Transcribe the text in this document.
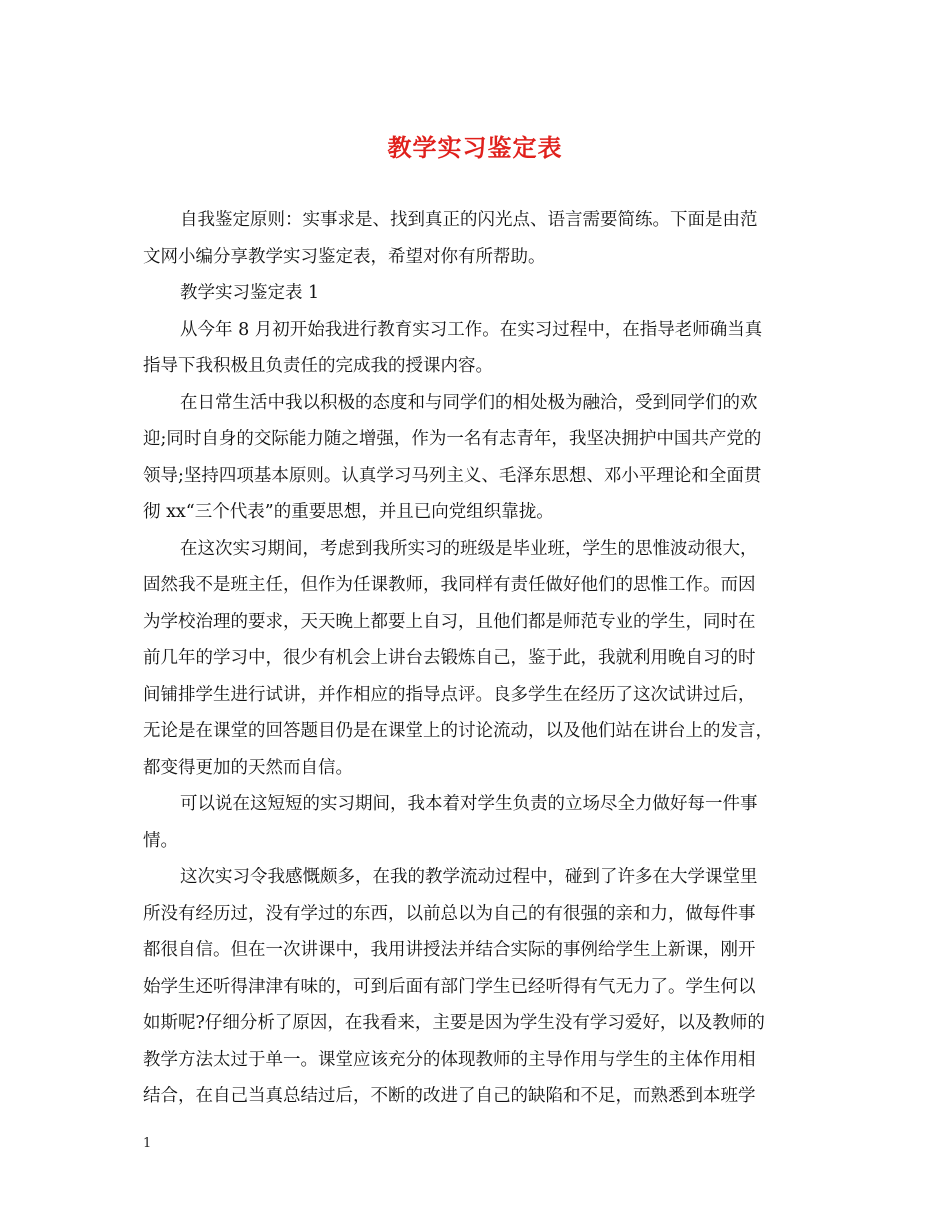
教学实习鉴定表
自我鉴定原则：实事求是、找到真正的闪光点、语言需要简练。下面是由范
文网小编分享教学实习鉴定表，希望对你有所帮助。
教学实习鉴定表 1
从今年 8 月初开始我进行教育实习工作。在实习过程中，在指导老师确当真
指导下我积极且负责任的完成我的授课内容。
在日常生活中我以积极的态度和与同学们的相处极为融洽，受到同学们的欢
迎;同时自身的交际能力随之增强，作为一名有志青年，我坚决拥护中国共产党的
领导;坚持四项基本原则。认真学习马列主义、毛泽东思想、邓小平理论和全面贯
彻 xx“三个代表”的重要思想，并且已向党组织靠拢。
在这次实习期间，考虑到我所实习的班级是毕业班，学生的思惟波动很大，
固然我不是班主任，但作为任课教师，我同样有责任做好他们的思惟工作。而因
为学校治理的要求，天天晚上都要上自习，且他们都是师范专业的学生，同时在
前几年的学习中，很少有机会上讲台去锻炼自己，鉴于此，我就利用晚自习的时
间铺排学生进行试讲，并作相应的指导点评。良多学生在经历了这次试讲过后，
无论是在课堂的回答题目仍是在课堂上的讨论流动，以及他们站在讲台上的发言，
都变得更加的天然而自信。
可以说在这短短的实习期间，我本着对学生负责的立场尽全力做好每一件事
情。
这次实习令我感慨颇多，在我的教学流动过程中，碰到了许多在大学课堂里
所没有经历过，没有学过的东西，以前总以为自己的有很强的亲和力，做每件事
都很自信。但在一次讲课中，我用讲授法并结合实际的事例给学生上新课，刚开
始学生还听得津津有味的，可到后面有部门学生已经听得有气无力了。学生何以
如斯呢?仔细分析了原因，在我看来，主要是因为学生没有学习爱好，以及教师的
教学方法太过于单一。课堂应该充分的体现教师的主导作用与学生的主体作用相
结合，在自己当真总结过后，不断的改进了自己的缺陷和不足，而熟悉到本班学
1
